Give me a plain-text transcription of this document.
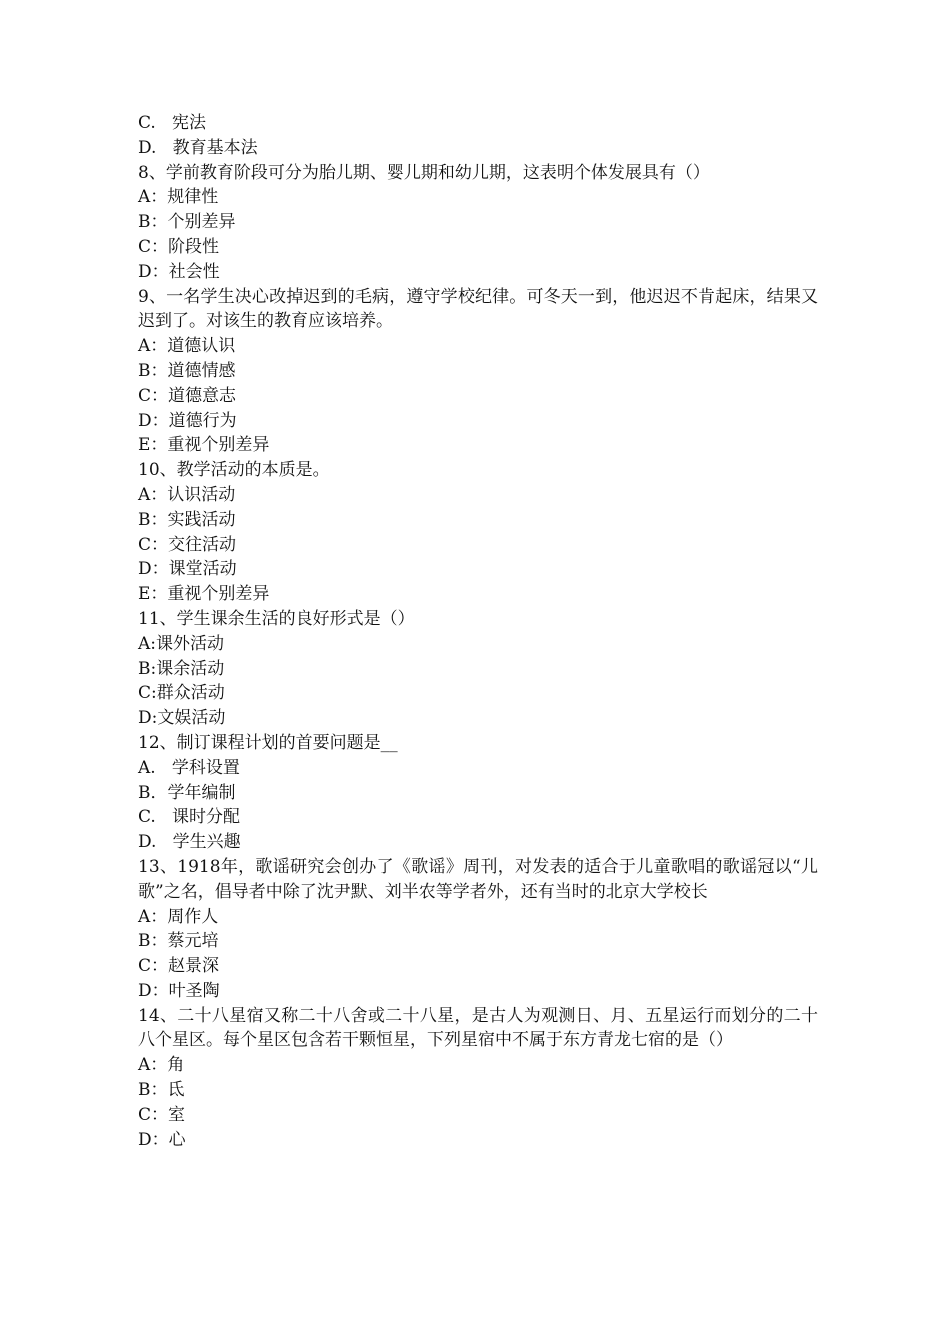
C.   宪法
D.   教育基本法
8、学前教育阶段可分为胎儿期、婴儿期和幼儿期，这表明个体发展具有（）
A：规律性
B：个别差异
C：阶段性
D：社会性
9、一名学生决心改掉迟到的毛病，遵守学校纪律。可冬天一到，他迟迟不肯起床，结果又迟到了。对该生的教育应该培养。
A：道德认识
B：道德情感
C：道德意志
D：道德行为
E：重视个别差异
10、教学活动的本质是。
A：认识活动
B：实践活动
C：交往活动
D：课堂活动
E：重视个别差异
11、学生课余生活的良好形式是（）
A:课外活动
B:课余活动
C:群众活动
D:文娱活动
12、制订课程计划的首要问题是__
A.   学科设置
B．学年编制
C.   课时分配
D.   学生兴趣
13、1918年，歌谣研究会创办了《歌谣》周刊，对发表的适合于儿童歌唱的歌谣冠以“儿歌”之名，倡导者中除了沈尹默、刘半农等学者外，还有当时的北京大学校长
A：周作人
B：蔡元培
C：赵景深
D：叶圣陶
14、二十八星宿又称二十八舍或二十八星，是古人为观测日、月、五星运行而划分的二十八个星区。每个星区包含若干颗恒星，下列星宿中不属于东方青龙七宿的是（）
A：角
B：氐
C：室
D：心
